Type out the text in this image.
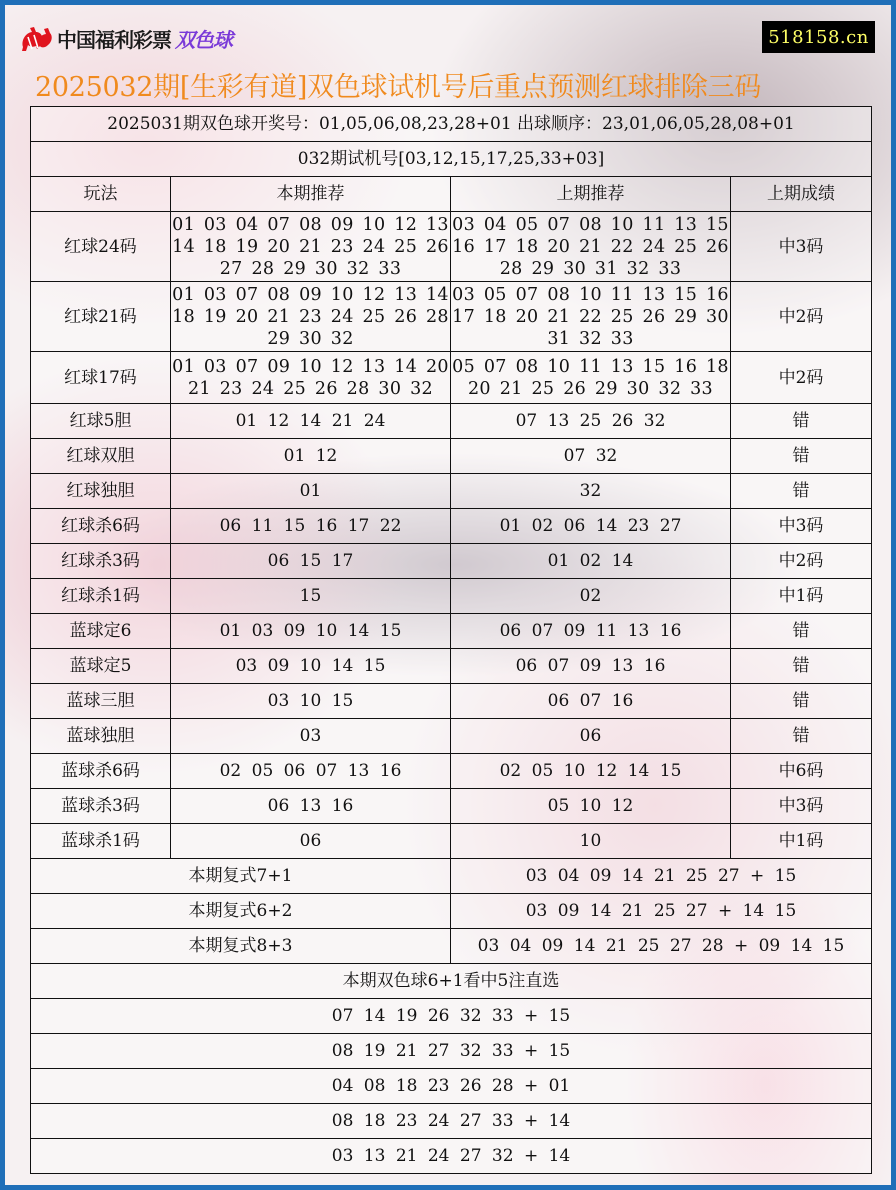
中国福利彩票 双色球	518158.cn
2025032期[生彩有道]双色球试机号后重点预测红球排除三码
2025031期双色球开奖号：01,05,06,08,23,28+01 出球顺序：23,01,06,05,28,08+01			
032期试机号[03,12,15,17,25,33+03]			
玩法	本期推荐	上期推荐	上期成绩
红球24码	01 03 04 07 08 09 10 12 13 14 18 19 20 21 23 24 25 26 27 28 29 30 32 33	03 04 05 07 08 10 11 13 15 16 17 18 20 21 22 24 25 26 28 29 30 31 32 33	中3码
红球21码	01 03 07 08 09 10 12 13 14 18 19 20 21 23 24 25 26 28 29 30 32	03 05 07 08 10 11 13 15 16 17 18 20 21 22 25 26 29 30 31 32 33	中2码
红球17码	01 03 07 09 10 12 13 14 20 21 23 24 25 26 28 30 32	05 07 08 10 11 13 15 16 18 20 21 25 26 29 30 32 33	中2码
红球5胆	01 12 14 21 24	07 13 25 26 32	错
红球双胆	01 12	07 32	错
红球独胆	01	32	错
红球杀6码	06 11 15 16 17 22	01 02 06 14 23 27	中3码
红球杀3码	06 15 17	01 02 14	中2码
红球杀1码	15	02	中1码
蓝球定6	01 03 09 10 14 15	06 07 09 11 13 16	错
蓝球定5	03 09 10 14 15	06 07 09 13 16	错
蓝球三胆	03 10 15	06 07 16	错
蓝球独胆	03	06	错
蓝球杀6码	02 05 06 07 13 16	02 05 10 12 14 15	中6码
蓝球杀3码	06 13 16	05 10 12	中3码
蓝球杀1码	06	10	中1码
本期复式7+1		03 04 09 14 21 25 27 + 15	
本期复式6+2		03 09 14 21 25 27 + 14 15	
本期复式8+3		03 04 09 14 21 25 27 28 + 09 14 15	
本期双色球6+1看中5注直选			
07 14 19 26 32 33 + 15			
08 19 21 27 32 33 + 15			
04 08 18 23 26 28 + 01			
08 18 23 24 27 33 + 14			
03 13 21 24 27 32 + 14			
